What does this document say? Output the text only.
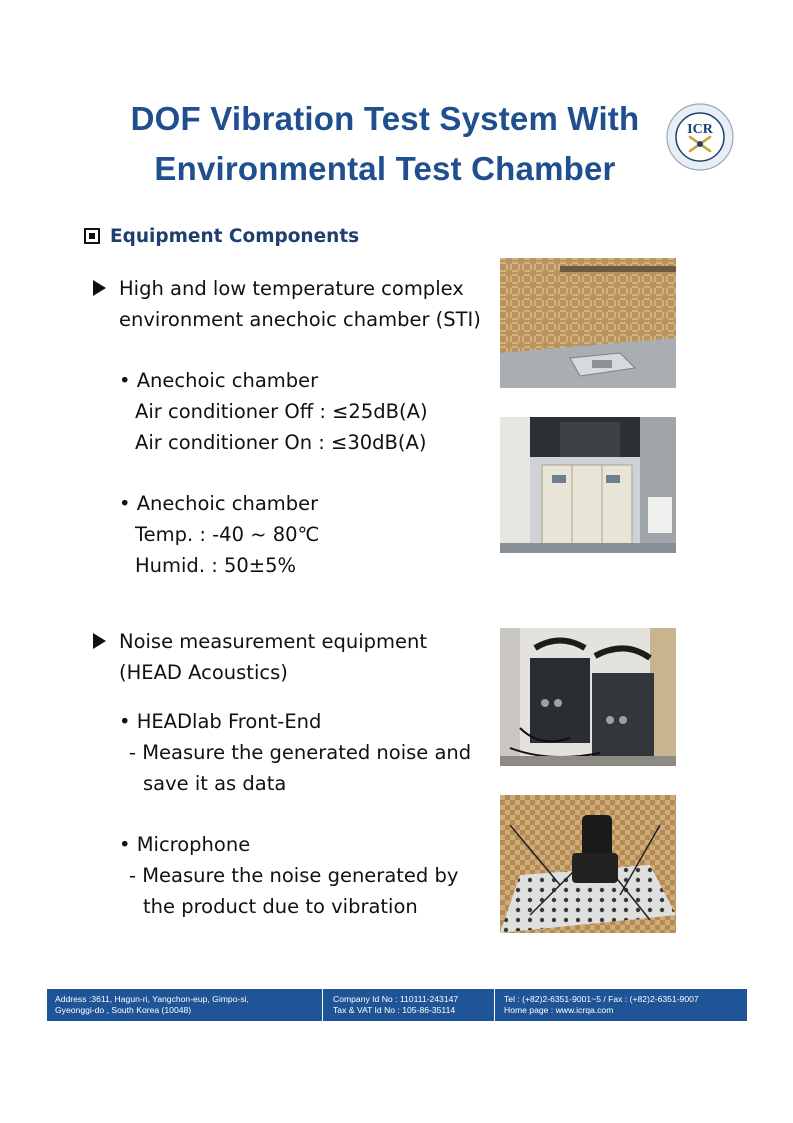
DOF Vibration Test System With
Environmental Test Chamber
ICR
Equipment Components
High and low temperature complex
environment anechoic chamber (STI)
• Anechoic chamber
Air conditioner Off : ≤25dB(A)
Air conditioner On : ≤30dB(A)
• Anechoic chamber
Temp. : -40 ~ 80℃
Humid. : 50±5%
Noise measurement equipment
(HEAD Acoustics)
• HEADlab Front-End
- Measure the generated noise and
save it as data
• Microphone
- Measure the noise generated by
the product due to vibration
Address :3611, Hagun-ri, Yangchon-eup, Gimpo-si,
Gyeonggi-do , South Korea (10048)
Company Id No : 110111-243147
Tax & VAT Id No : 105-86-35114
Tel : (+82)2-6351-9001~5 / Fax : (+82)2-6351-9007
Home page : www.icrqa.com
